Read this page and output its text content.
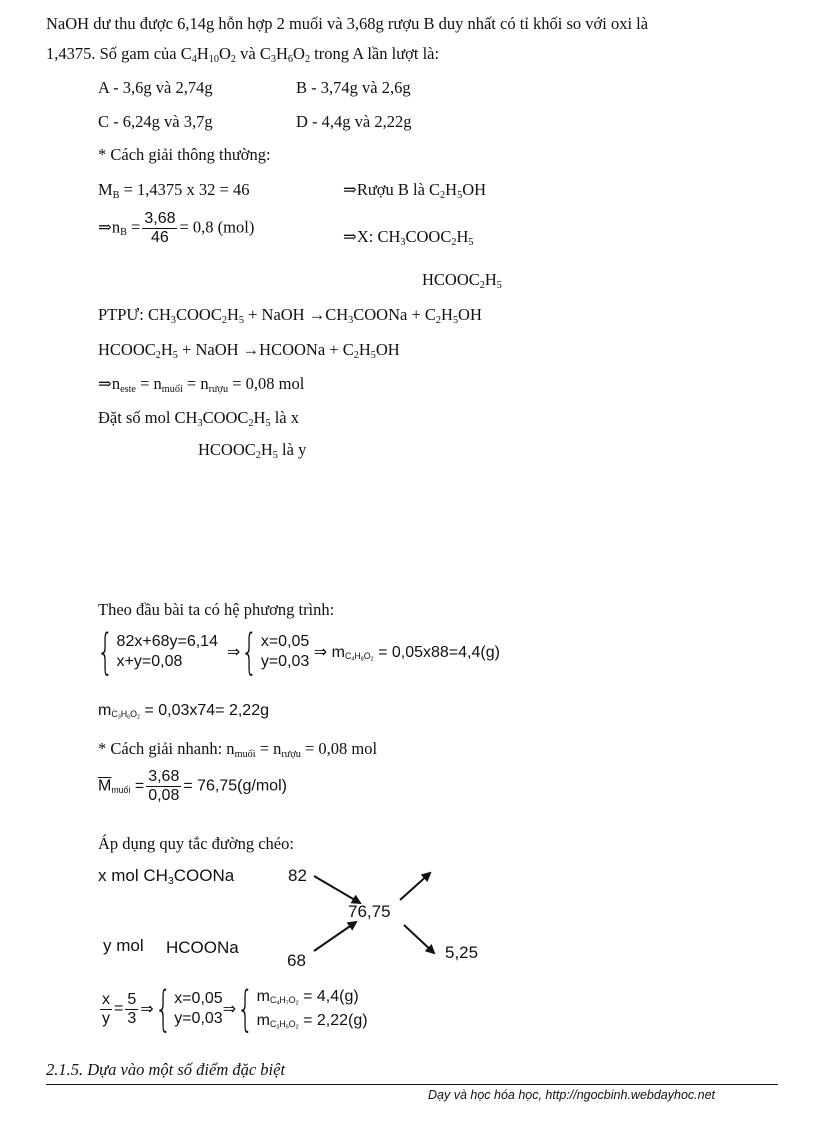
NaOH dư thu được 6,14g hỗn hợp 2 muối và 3,68g rượu B duy nhất có tỉ khối so với oxi là
1,4375. Số gam của $C_4H_{10}O_2$ và $C_3H_6O_2$ trong A lần lượt là:
A - 3,6g và 2,74g	B - 3,74g và 2,6g
C - 6,24g và 3,7g	D - 4,4g và 2,22g
* Cách giải thông thường:
$M_B = 1,4375$ x 32 = 46	⇒Rượu B là $C_2H_5OH$
$\Rightarrow n_B = \frac{3,68}{46} = 0,8$ (mol)
⇒X: $CH_3COOC_2H_5$
$HCOOC_2H_5$
PTPƯ: $CH_3COOC_2H_5$ + NaOH $\to CH_3COONa + C_2H_5OH$
$HCOOC_2H_5$ + NaOH →HCOONa + $C_2H_5OH$
$\Rightarrow n_{este} = n_{muối} = n_{rượu} = 0,08$ mol
Đặt số mol $CH_3COOC_2H_5$ là x
$HCOOC_2H_5$ là y
Theo đầu bài ta có hệ phương trình:
{ 82x+68y=6,14
x+y=0,08  ⇒{ x=0,05
y=0,03 ⇒ $m_{C_4H_8O_2} = 0,05x88=4,4(g)$
$m_{C_3H_6O_2} = 0,03x74= 2,22g$
* Cách giải nhanh: $n_{muối} = n_{rượu} = 0,08$ mol
$\overline{M}_{muối} = \frac{3,68}{0,08} = 76,75(g/mol)$
Áp dụng quy tắc đường chéo:
x mol $CH_3COONa$	82
76,75
y mol HCOONa
68	5,25
$\frac{x}{y} = \frac{5}{3}$ ⇒{ x=0,05
y=0,03⇒{ $m_{C_4H_7O_2} = 4,4(g)$
$m_{C_3H_6O_2} = 2,22(g)$
2.1.5. Dựa vào một số điểm đặc biệt
Dạy và học hóa học, http://ngocbinh.webdayhoc.net
